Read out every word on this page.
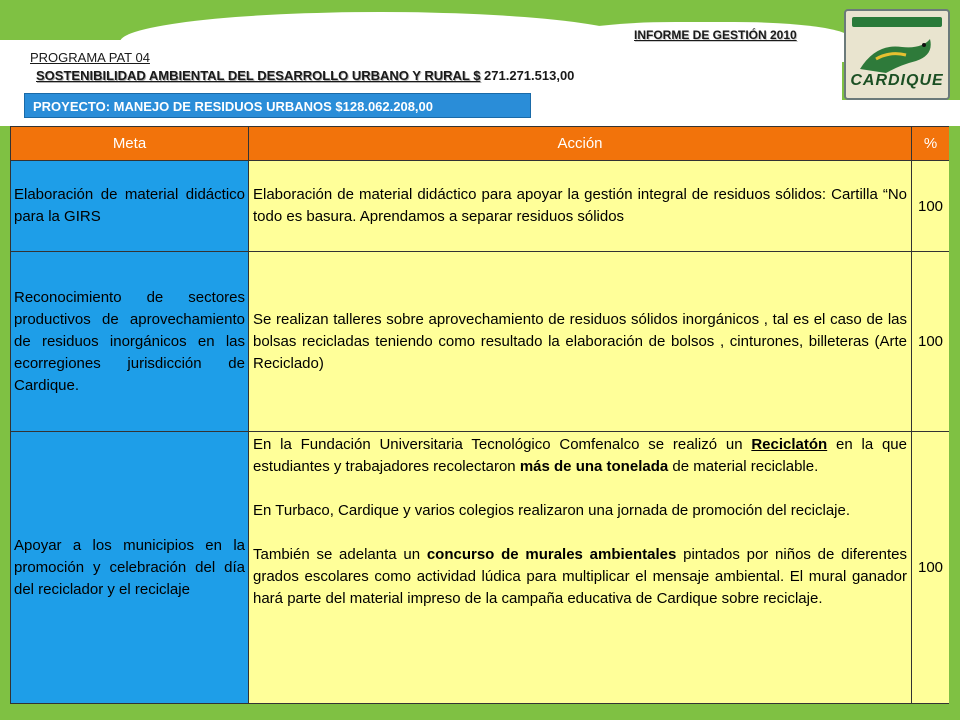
INFORME DE GESTIÓN 2010
PROGRAMA PAT 04
SOSTENIBILIDAD AMBIENTAL DEL DESARROLLO URBANO Y RURAL $ 271.271.513,00
PROYECTO: MANEJO DE RESIDUOS URBANOS $128.062.208,00
CARDIQUE
Meta	Acción	%
Elaboración de material didáctico para la GIRS
Elaboración de material didáctico para apoyar la gestión integral de residuos sólidos: Cartilla “No todo es basura. Aprendamos a separar residuos sólidos
100
Reconocimiento de sectores productivos de aprovechamiento de residuos inorgánicos en las ecorregiones jurisdicción de Cardique.
Se realizan talleres sobre aprovechamiento de residuos sólidos inorgánicos , tal es el caso de las bolsas recicladas teniendo como resultado la elaboración de bolsos , cinturones, billeteras (Arte Reciclado)
100
Apoyar a los municipios en la promoción y celebración del día del reciclador y el reciclaje
En la Fundación Universitaria Tecnológico Comfenalco se realizó un Reciclatón en la que estudiantes y trabajadores recolectaron más de una tonelada de material reciclable.
En Turbaco, Cardique y varios colegios realizaron una jornada de promoción del reciclaje.
También se adelanta un concurso de murales ambientales pintados por niños de diferentes grados escolares como actividad lúdica para multiplicar el mensaje ambiental. El mural ganador hará parte del material impreso de la campaña educativa de Cardique sobre reciclaje.
100
